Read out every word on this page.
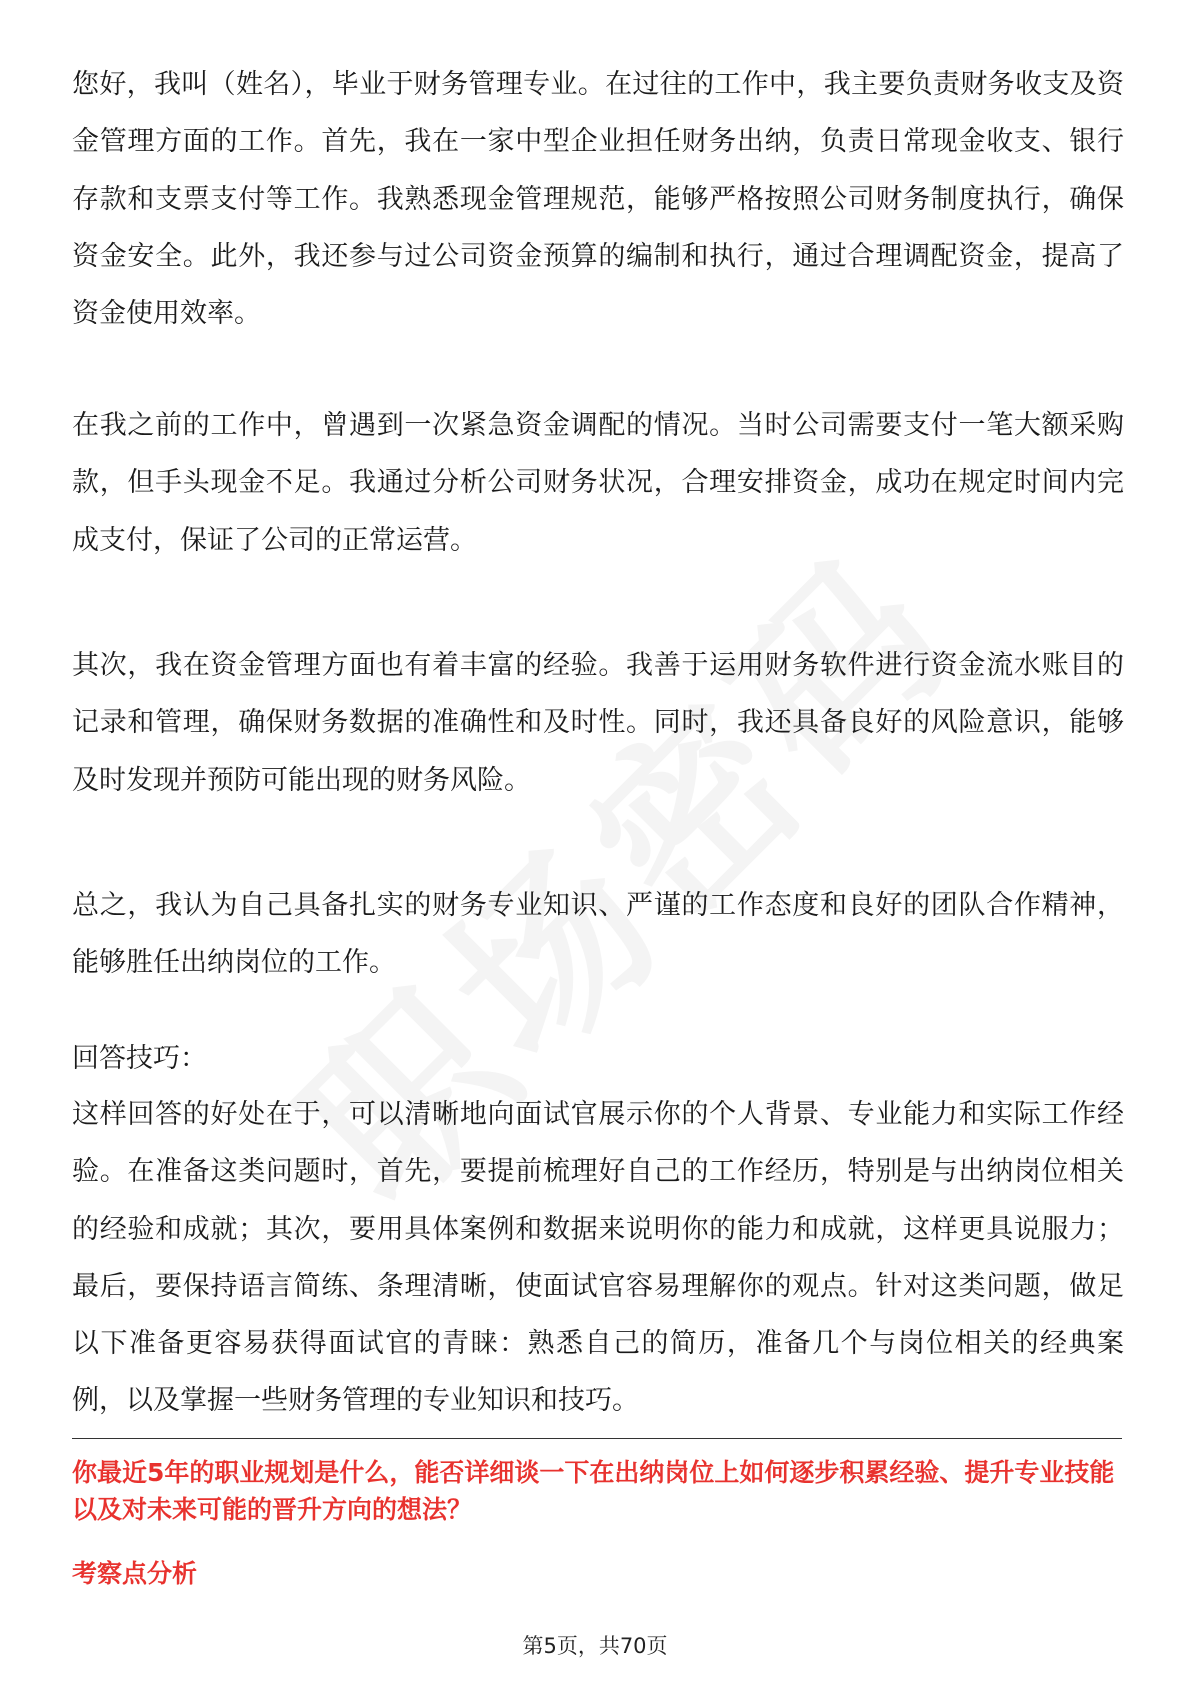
您好，我叫（姓名），毕业于财务管理专业。在过往的工作中，我主要负责财务收支及资金管理方面的工作。首先，我在一家中型企业担任财务出纳，负责日常现金收支、银行存款和支票支付等工作。我熟悉现金管理规范，能够严格按照公司财务制度执行，确保资金安全。此外，我还参与过公司资金预算的编制和执行，通过合理调配资金，提高了资金使用效率。

在我之前的工作中，曾遇到一次紧急资金调配的情况。当时公司需要支付一笔大额采购款，但手头现金不足。我通过分析公司财务状况，合理安排资金，成功在规定时间内完成支付，保证了公司的正常运营。

其次，我在资金管理方面也有着丰富的经验。我善于运用财务软件进行资金流水账目的记录和管理，确保财务数据的准确性和及时性。同时，我还具备良好的风险意识，能够及时发现并预防可能出现的财务风险。

总之，我认为自己具备扎实的财务专业知识、严谨的工作态度和良好的团队合作精神，能够胜任出纳岗位的工作。

回答技巧：

这样回答的好处在于，可以清晰地向面试官展示你的个人背景、专业能力和实际工作经验。在准备这类问题时，首先，要提前梳理好自己的工作经历，特别是与出纳岗位相关的经验和成就；其次，要用具体案例和数据来说明你的能力和成就，这样更具说服力；最后，要保持语言简练、条理清晰，使面试官容易理解你的观点。针对这类问题，做足以下准备更容易获得面试官的青睐：熟悉自己的简历，准备几个与岗位相关的经典案例，以及掌握一些财务管理的专业知识和技巧。

你最近5年的职业规划是什么，能否详细谈一下在出纳岗位上如何逐步积累经验、提升专业技能以及对未来可能的晋升方向的想法？

考察点分析

第5页，共70页
